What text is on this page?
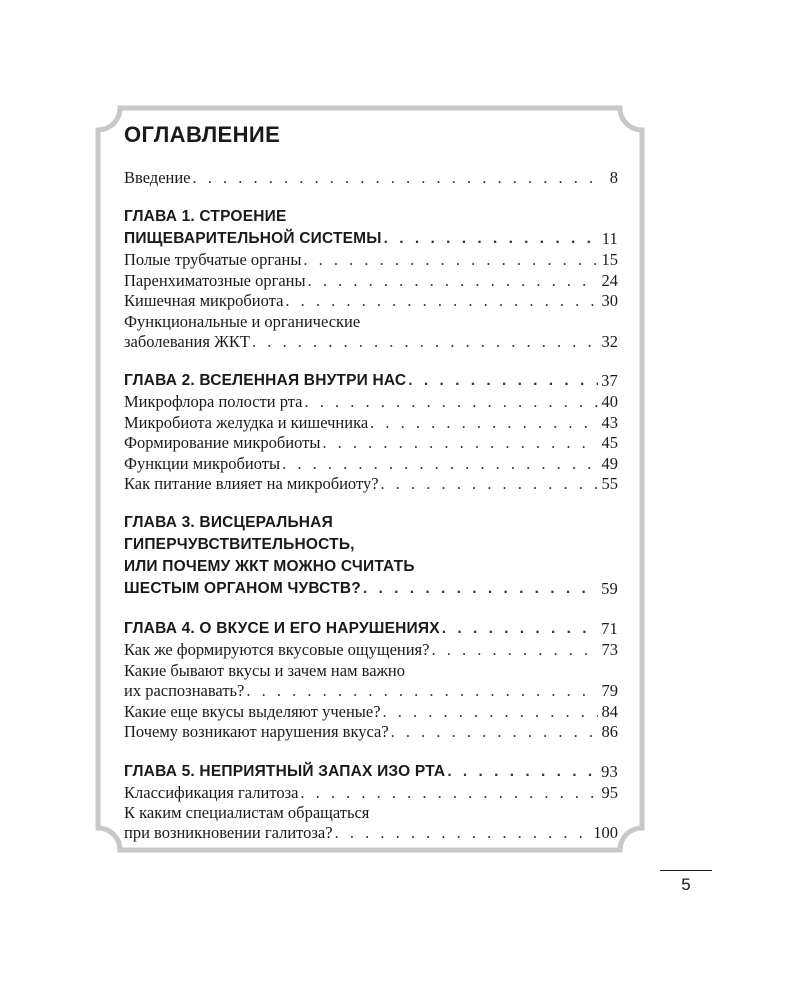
ОГЛАВЛЕНИЕ
Введение . . .	8
ГЛАВА 1. СТРОЕНИЕ
ПИЩЕВАРИТЕЛЬНОЙ СИСТЕМЫ . . .	11
Полые трубчатые органы . . .	15
Паренхиматозные органы . . .	24
Кишечная микробиота . . .	30
Функциональные и органические
заболевания ЖКТ . . .	32
ГЛАВА 2. ВСЕЛЕННАЯ ВНУТРИ НАС . . .	37
Микрофлора полости рта . . .	40
Микробиота желудка и кишечника . . .	43
Формирование микробиоты . . .	45
Функции микробиоты . . .	49
Как питание влияет на микробиоту? . . .	55
ГЛАВА 3. ВИСЦЕРАЛЬНАЯ
ГИПЕРЧУВСТВИТЕЛЬНОСТЬ,
ИЛИ ПОЧЕМУ ЖКТ МОЖНО СЧИТАТЬ
ШЕСТЫМ ОРГАНОМ ЧУВСТВ? . . .	59
ГЛАВА 4. О ВКУСЕ И ЕГО НАРУШЕНИЯХ . . .	71
Как же формируются вкусовые ощущения? . . .	73
Какие бывают вкусы и зачем нам важно
их распознавать? . . .	79
Какие еще вкусы выделяют ученые? . . .	84
Почему возникают нарушения вкуса? . . .	86
ГЛАВА 5. НЕПРИЯТНЫЙ ЗАПАХ ИЗО РТА . . .	93
Классификация галитоза . . .	95
К каким специалистам обращаться
при возникновении галитоза? . . .	100
5
